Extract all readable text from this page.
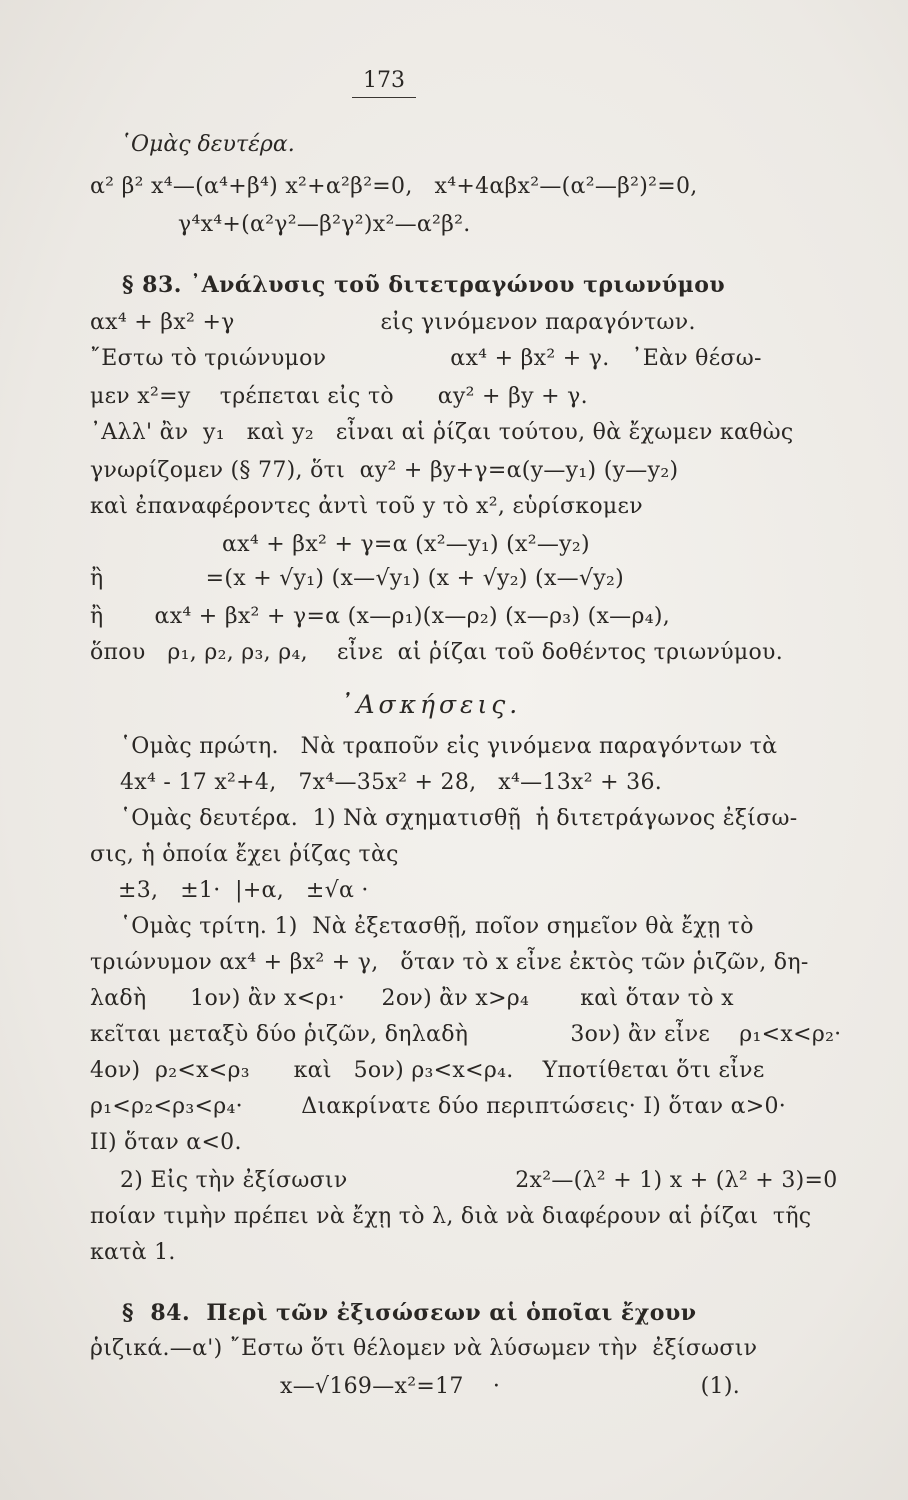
173
῾Ομὰς δευτέρα.
α² β² x⁴—(α⁴+β⁴) x²+α²β²=0,   x⁴+4αβx²—(α²—β²)²=0,
γ⁴x⁴+(α²γ²—β²γ²)x²—α²β².
§ 83. ᾿Ανάλυσις τοῦ διτετραγώνου τριωνύμου
αx⁴ + βx² +γ                    εἰς γινόμενον παραγόντων.
῎Εστω τὸ τριώνυμον                 αx⁴ + βx² + γ.   ᾿Εὰν θέσω-
μεν x²=y    τρέπεται εἰς τὸ      αy² + βy + γ.
᾿Αλλ' ἂν  y₁   καὶ y₂   εἶναι αἱ ῥίζαι τούτου, θὰ ἔχωμεν καθὼς
γνωρίζομεν (§ 77), ὅτι  αy² + βy+γ=α(y—y₁) (y—y₂)
καὶ ἐπαναφέροντες ἀντὶ τοῦ y τὸ x², εὑρίσκομεν
αx⁴ + βx² + γ=α (x²—y₁) (x²—y₂)
ἢ              =(x + √y₁) (x—√y₁) (x + √y₂) (x—√y₂)
ἢ       αx⁴ + βx² + γ=α (x—ρ₁)(x—ρ₂) (x—ρ₃) (x—ρ₄),
ὅπου   ρ₁, ρ₂, ρ₃, ρ₄,    εἶνε  αἱ ῥίζαι τοῦ δοθέντος τριωνύμου.
᾿Ασκήσεις.
῾Ομὰς πρώτη.   Νὰ τραποῦν εἰς γινόμενα παραγόντων τὰ
4x⁴ - 17 x²+4,   7x⁴—35x² + 28,   x⁴—13x² + 36.
῾Ομὰς δευτέρα.  1) Νὰ σχηματισθῇ  ἡ διτετράγωνος ἐξίσω-
σις, ἡ ὁποία ἔχει ῥίζας τὰς
±3,   ±1·  |+α,   ±√α ·
῾Ομὰς τρίτη. 1)  Νὰ ἐξετασθῇ, ποῖον σημεῖον θὰ ἔχῃ τὸ
τριώνυμον αx⁴ + βx² + γ,   ὅταν τὸ x εἶνε ἐκτὸς τῶν ῥιζῶν, δη-
λαδὴ      1ον) ἂν x<ρ₁·     2ον) ἂν x>ρ₄       καὶ ὅταν τὸ x
κεῖται μεταξὺ δύο ῥιζῶν, δηλαδὴ              3ον) ἂν εἶνε    ρ₁<x<ρ₂·
4ον)  ρ₂<x<ρ₃      καὶ   5ον) ρ₃<x<ρ₄.    Υποτίθεται ὅτι εἶνε
ρ₁<ρ₂<ρ₃<ρ₄·        Διακρίνατε δύο περιπτώσεις· I) ὅταν α>0·
II) ὅταν α<0.
2) Εἰς τὴν ἐξίσωσιν                       2x²—(λ² + 1) x + (λ² + 3)=0
ποίαν τιμὴν πρέπει νὰ ἔχῃ τὸ λ, διὰ νὰ διαφέρουν αἱ ῥίζαι  τῆς
κατὰ 1.
§  84.  Περὶ τῶν ἐξισώσεων αἱ ὁποῖαι ἔχουν
ῥιζικά.—α') ῎Εστω ὅτι θέλομεν νὰ λύσωμεν τὴν  ἐξίσωσιν
x—√169—x²=17    ·	(1).
